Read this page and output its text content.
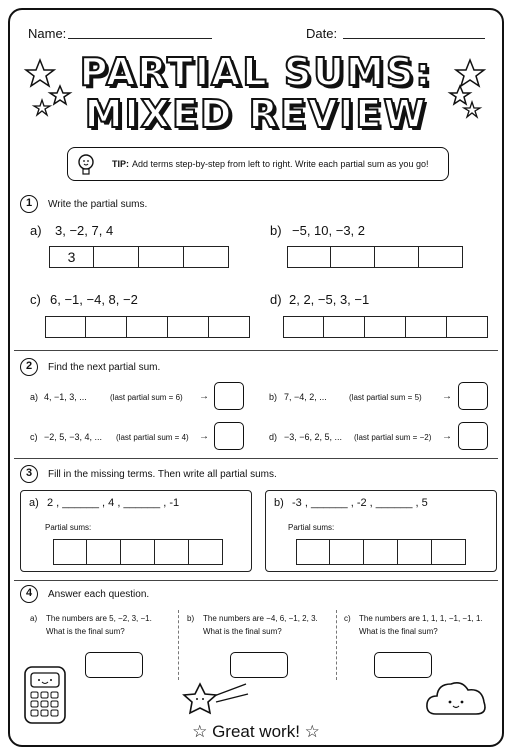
Name:	Date:
PARTIAL SUMS:
MIXED REVIEW
TIP: Add terms step-by-step from left to right. Write each partial sum as you go!
1	Write the partial sums.
a) 3, −2, 7, 4
3
b) −5, 10, −3, 2
c) 6, −1, −4, 8, −2	d) 2, 2, −5, 3, −1
2	Find the next partial sum.
a) 4, −1, 3, ...	(last partial sum = 6) →	b) 7, −4, 2, ...	(last partial sum = 5) →
c) −2, 5, −3, 4, ... (last partial sum = 4) →	d) −3, −6, 2, 5, ... (last partial sum = −2) →
3	Fill in the missing terms. Then write all partial sums.
a) 2 , ______ , 4 , ______ , -1
Partial sums:
b) -3 , ______ , -2 , ______ , 5
Partial sums:
4	Answer each question.
a) The numbers are 5, −2, 3, −1.
What is the final sum?
b) The numbers are −4, 6, −1, 2, 3.
What is the final sum?
c) The numbers are 1, 1, 1, −1, −1, 1.
What is the final sum?
☆ Great work! ☆
